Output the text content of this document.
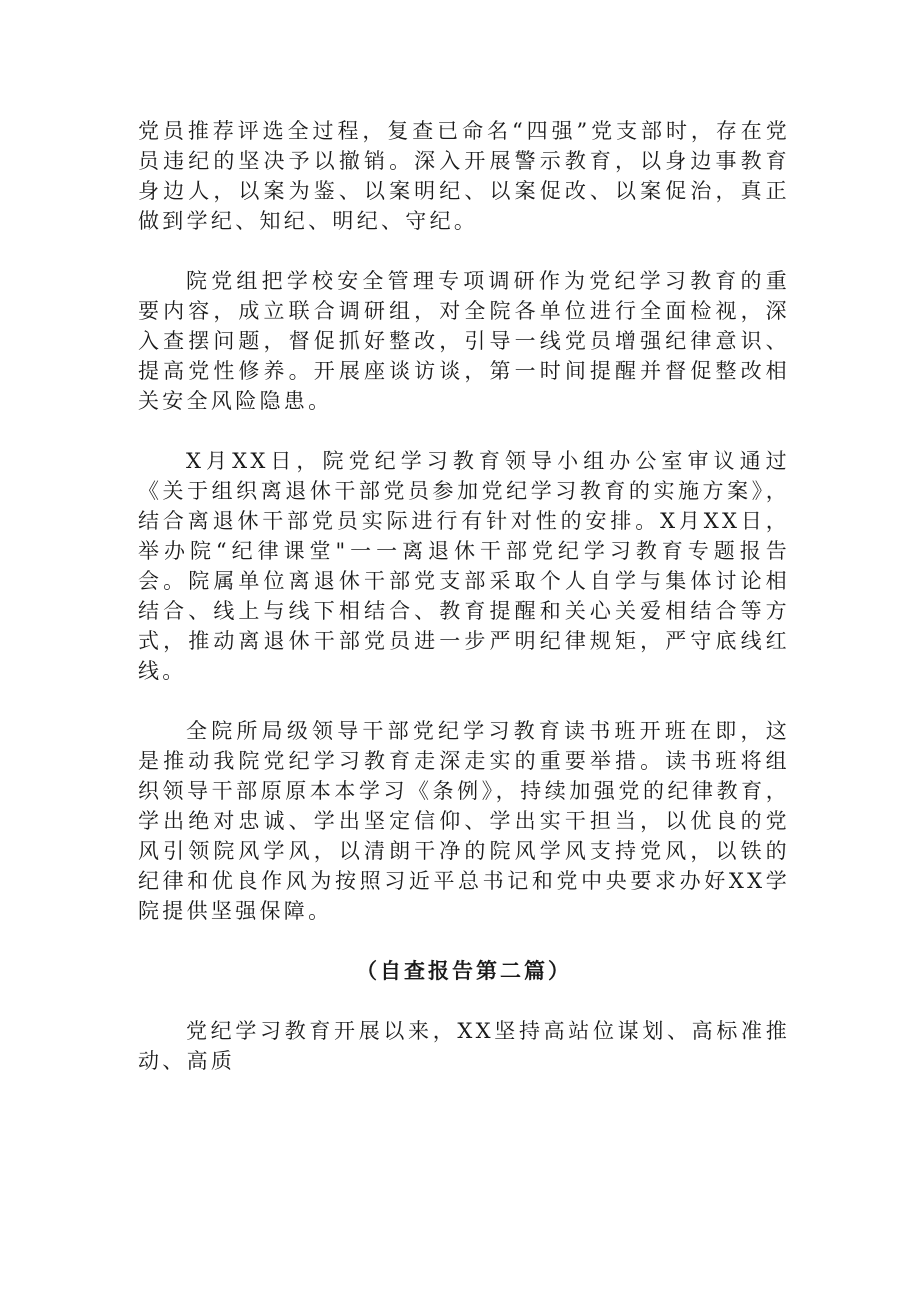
党员推荐评选全过程，复查已命名“四强”党支部时，存在党员违纪的坚决予以撤销。深入开展警示教育，以身边事教育身边人，以案为鉴、以案明纪、以案促改、以案促治，真正做到学纪、知纪、明纪、守纪。

院党组把学校安全管理专项调研作为党纪学习教育的重要内容，成立联合调研组，对全院各单位进行全面检视，深入查摆问题，督促抓好整改，引导一线党员增强纪律意识、提高党性修养。开展座谈访谈，第一时间提醒并督促整改相关安全风险隐患。

X月XX日，院党纪学习教育领导小组办公室审议通过《关于组织离退休干部党员参加党纪学习教育的实施方案》，结合离退休干部党员实际进行有针对性的安排。X月XX日，举办院“纪律课堂"一一离退休干部党纪学习教育专题报告会。院属单位离退休干部党支部采取个人自学与集体讨论相结合、线上与线下相结合、教育提醒和关心关爱相结合等方式，推动离退休干部党员进一步严明纪律规矩，严守底线红线。

全院所局级领导干部党纪学习教育读书班开班在即，这是推动我院党纪学习教育走深走实的重要举措。读书班将组织领导干部原原本本学习《条例》，持续加强党的纪律教育，学出绝对忠诚、学出坚定信仰、学出实干担当，以优良的党风引领院风学风，以清朗干净的院风学风支持党风，以铁的纪律和优良作风为按照习近平总书记和党中央要求办好XX学院提供坚强保障。

（自查报告第二篇）

党纪学习教育开展以来，XX坚持高站位谋划、高标准推动、高质
